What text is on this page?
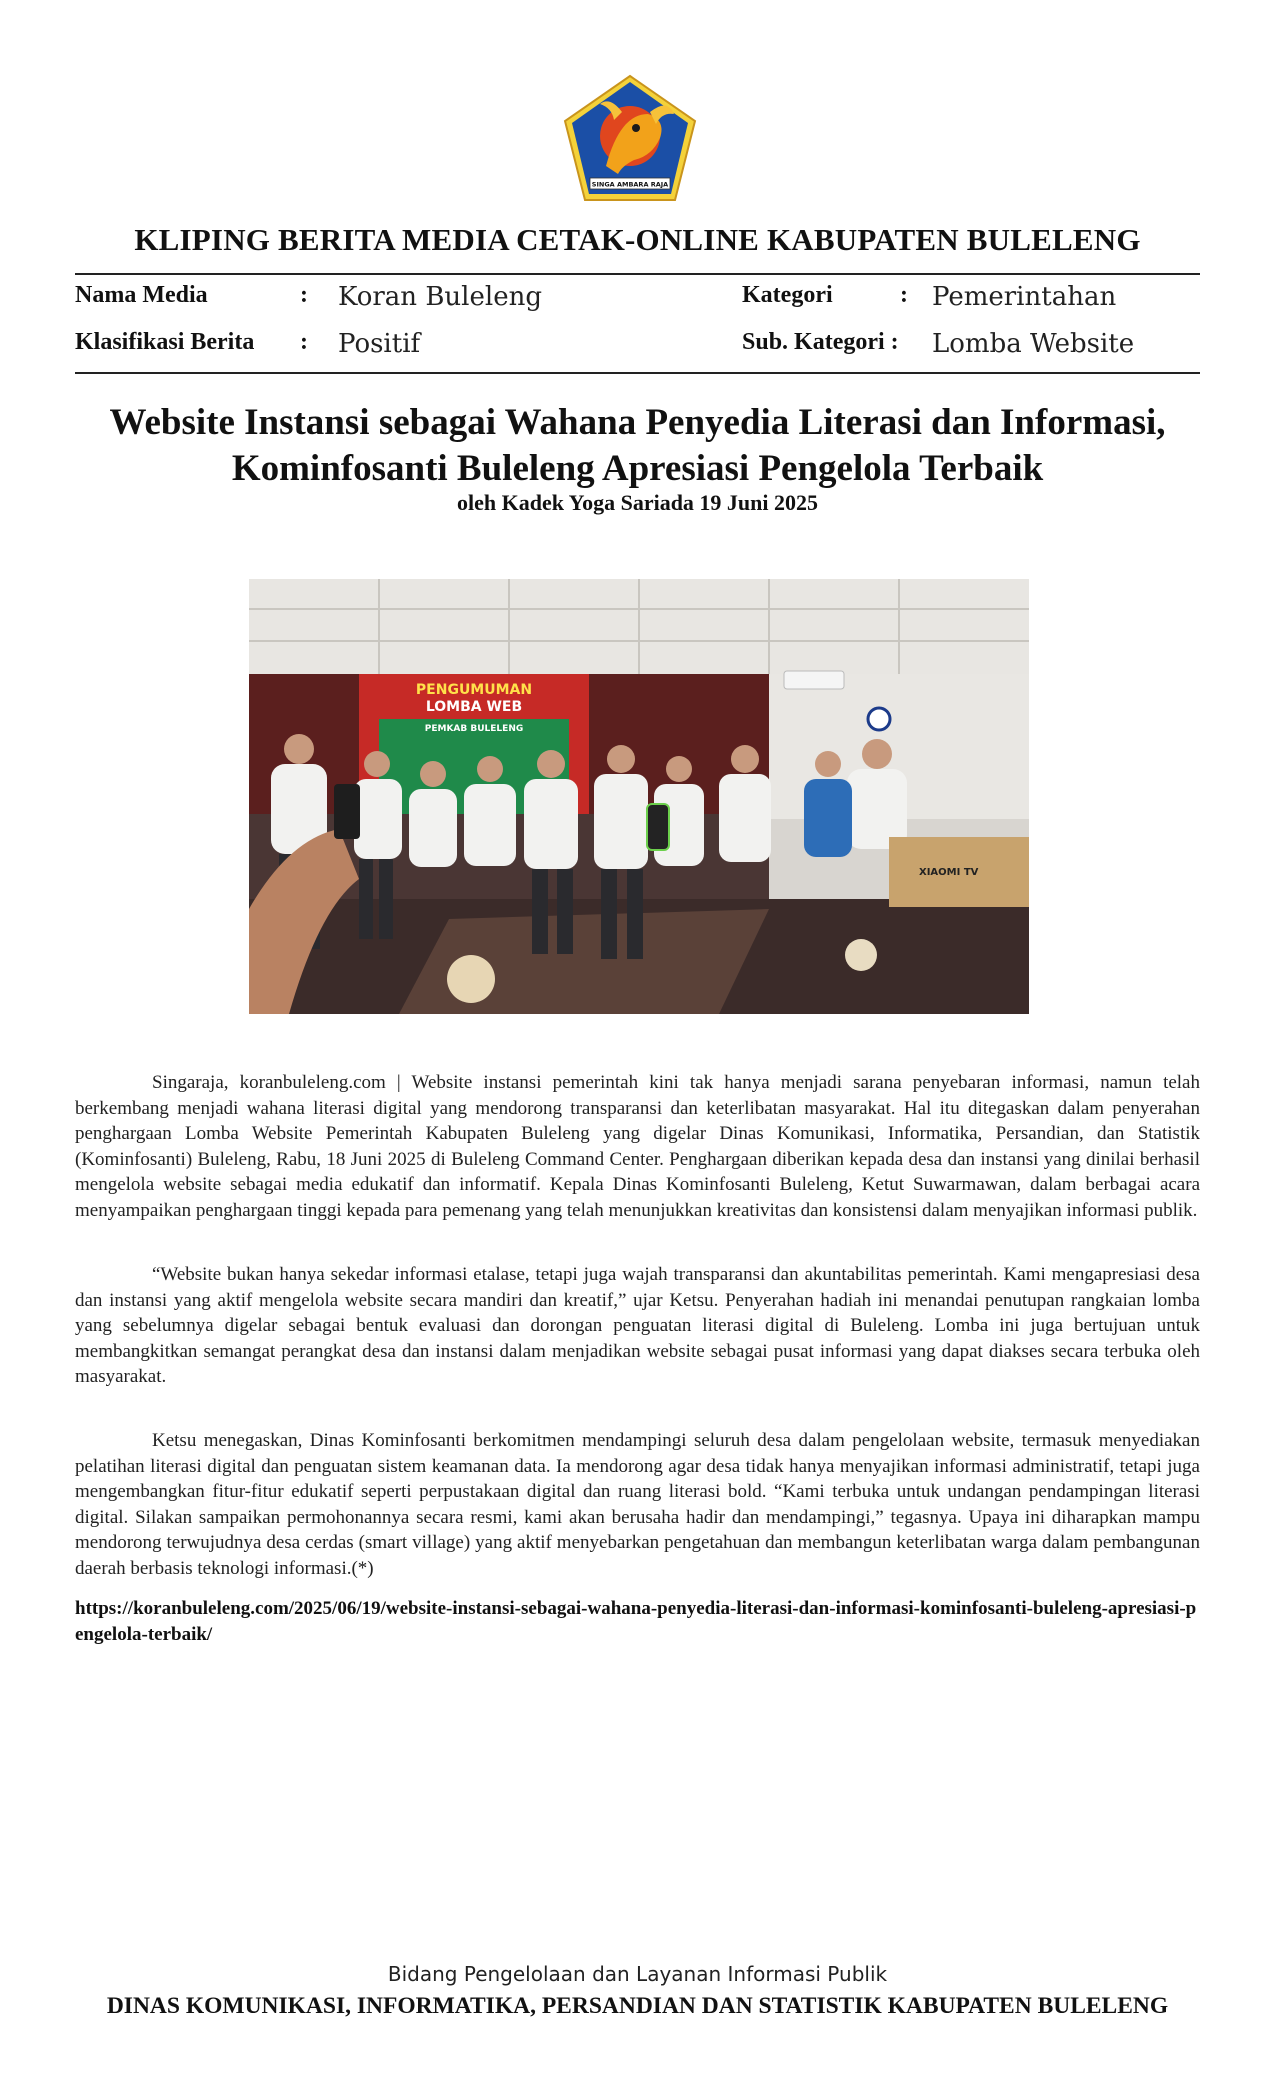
SINGA AMBARA RAJA
KLIPING BERITA MEDIA CETAK-ONLINE KABUPATEN BULELENG
Nama Media	: Koran Buleleng	Kategori	: Pemerintahan
Klasifikasi Berita : Positif	Sub. Kategori : Lomba Website
Website Instansi sebagai Wahana Penyedia Literasi dan Informasi,
Kominfosanti Buleleng Apresiasi Pengelola Terbaik
oleh Kadek Yoga Sariada 19 Juni 2025
PENGUMUMAN
LOMBA WEB
PEMKAB BULELENG
XIAOMI TV

Singaraja, koranbuleleng.com | Website instansi pemerintah kini tak hanya menjadi sarana penyebaran informasi, namun telah berkembang menjadi wahana literasi digital yang mendorong transparansi dan keterlibatan masyarakat. Hal itu ditegaskan dalam penyerahan penghargaan Lomba Website Pemerintah Kabupaten Buleleng yang digelar Dinas Komunikasi, Informatika, Persandian, dan Statistik (Kominfosanti) Buleleng, Rabu, 18 Juni 2025 di Buleleng Command Center. Penghargaan diberikan kepada desa dan instansi yang dinilai berhasil mengelola website sebagai media edukatif dan informatif. Kepala Dinas Kominfosanti Buleleng, Ketut Suwarmawan, dalam berbagai acara menyampaikan penghargaan tinggi kepada para pemenang yang telah menunjukkan kreativitas dan konsistensi dalam menyajikan informasi publik.

“Website bukan hanya sekedar informasi etalase, tetapi juga wajah transparansi dan akuntabilitas pemerintah. Kami mengapresiasi desa dan instansi yang aktif mengelola website secara mandiri dan kreatif,” ujar Ketsu. Penyerahan hadiah ini menandai penutupan rangkaian lomba yang sebelumnya digelar sebagai bentuk evaluasi dan dorongan penguatan literasi digital di Buleleng. Lomba ini juga bertujuan untuk membangkitkan semangat perangkat desa dan instansi dalam menjadikan website sebagai pusat informasi yang dapat diakses secara terbuka oleh masyarakat.

Ketsu menegaskan, Dinas Kominfosanti berkomitmen mendampingi seluruh desa dalam pengelolaan website, termasuk menyediakan pelatihan literasi digital dan penguatan sistem keamanan data. Ia mendorong agar desa tidak hanya menyajikan informasi administratif, tetapi juga mengembangkan fitur-fitur edukatif seperti perpustakaan digital dan ruang literasi bold. “Kami terbuka untuk undangan pendampingan literasi digital. Silakan sampaikan permohonannya secara resmi, kami akan berusaha hadir dan mendampingi,” tegasnya. Upaya ini diharapkan mampu mendorong terwujudnya desa cerdas (smart village) yang aktif menyebarkan pengetahuan dan membangun keterlibatan warga dalam pembangunan daerah berbasis teknologi informasi.(*)

https://koranbuleleng.com/2025/06/19/website-instansi-sebagai-wahana-penyedia-literasi-dan-informasi-kominfosanti-buleleng-apresiasi-pengelola-terbaik/
Bidang Pengelolaan dan Layanan Informasi Publik
DINAS KOMUNIKASI, INFORMATIKA, PERSANDIAN DAN STATISTIK KABUPATEN BULELENG
